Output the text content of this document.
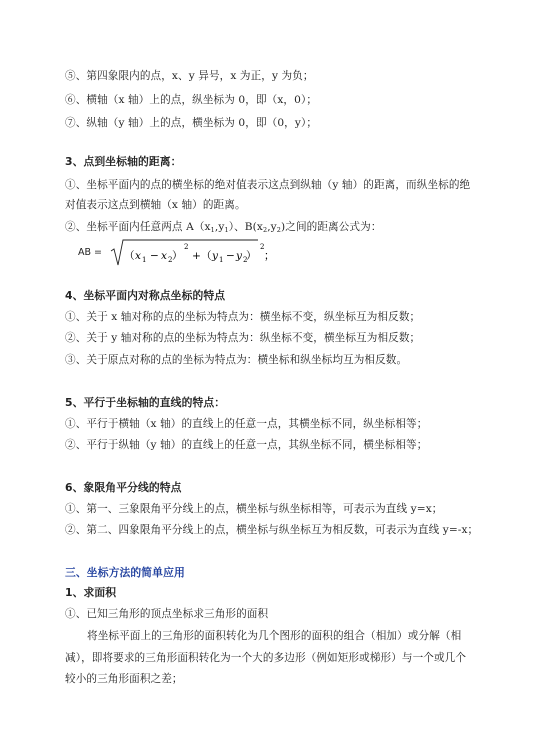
⑤、第四象限内的点，x、y 异号，x 为正，y 为负；
⑥、横轴（x 轴）上的点，纵坐标为 0，即（x，0）；
⑦、纵轴（y 轴）上的点，横坐标为 0，即（0，y）；
3、点到坐标轴的距离：
①、坐标平面内的点的横坐标的绝对值表示这点到纵轴（y 轴）的距离，而纵坐标的绝
对值表示这点到横轴（x 轴）的距离。
②、坐标平面内任意两点 $A(x_1,y_1)$、$B(x_2,y_2)$之间的距离公式为：
AB = （ x 1 − x 2 ）
2
+ （ y 1 − y 2
）
2
；
4、坐标平面内对称点坐标的特点
①、关于 x 轴对称的点的坐标为特点为：横坐标不变，纵坐标互为相反数；
②、关于 y 轴对称的点的坐标为特点为：纵坐标不变，横坐标互为相反数；
③、关于原点对称的点的坐标为特点为：横坐标和纵坐标均互为相反数。
5、平行于坐标轴的直线的特点：
①、平行于横轴（x 轴）的直线上的任意一点，其横坐标不同，纵坐标相等；
②、平行于纵轴（y 轴）的直线上的任意一点，其纵坐标不同，横坐标相等；
6、象限角平分线的特点
①、第一、三象限角平分线上的点，横坐标与纵坐标相等，可表示为直线 y=x；
②、第二、四象限角平分线上的点，横坐标与纵坐标互为相反数，可表示为直线 y=-x；
三、坐标方法的简单应用
1、求面积
①、已知三角形的顶点坐标求三角形的面积
将坐标平面上的三角形的面积转化为几个图形的面积的组合（相加）或分解（相
减），即将要求的三角形面积转化为一个大的多边形（例如矩形或梯形）与一个或几个
较小的三角形面积之差；
